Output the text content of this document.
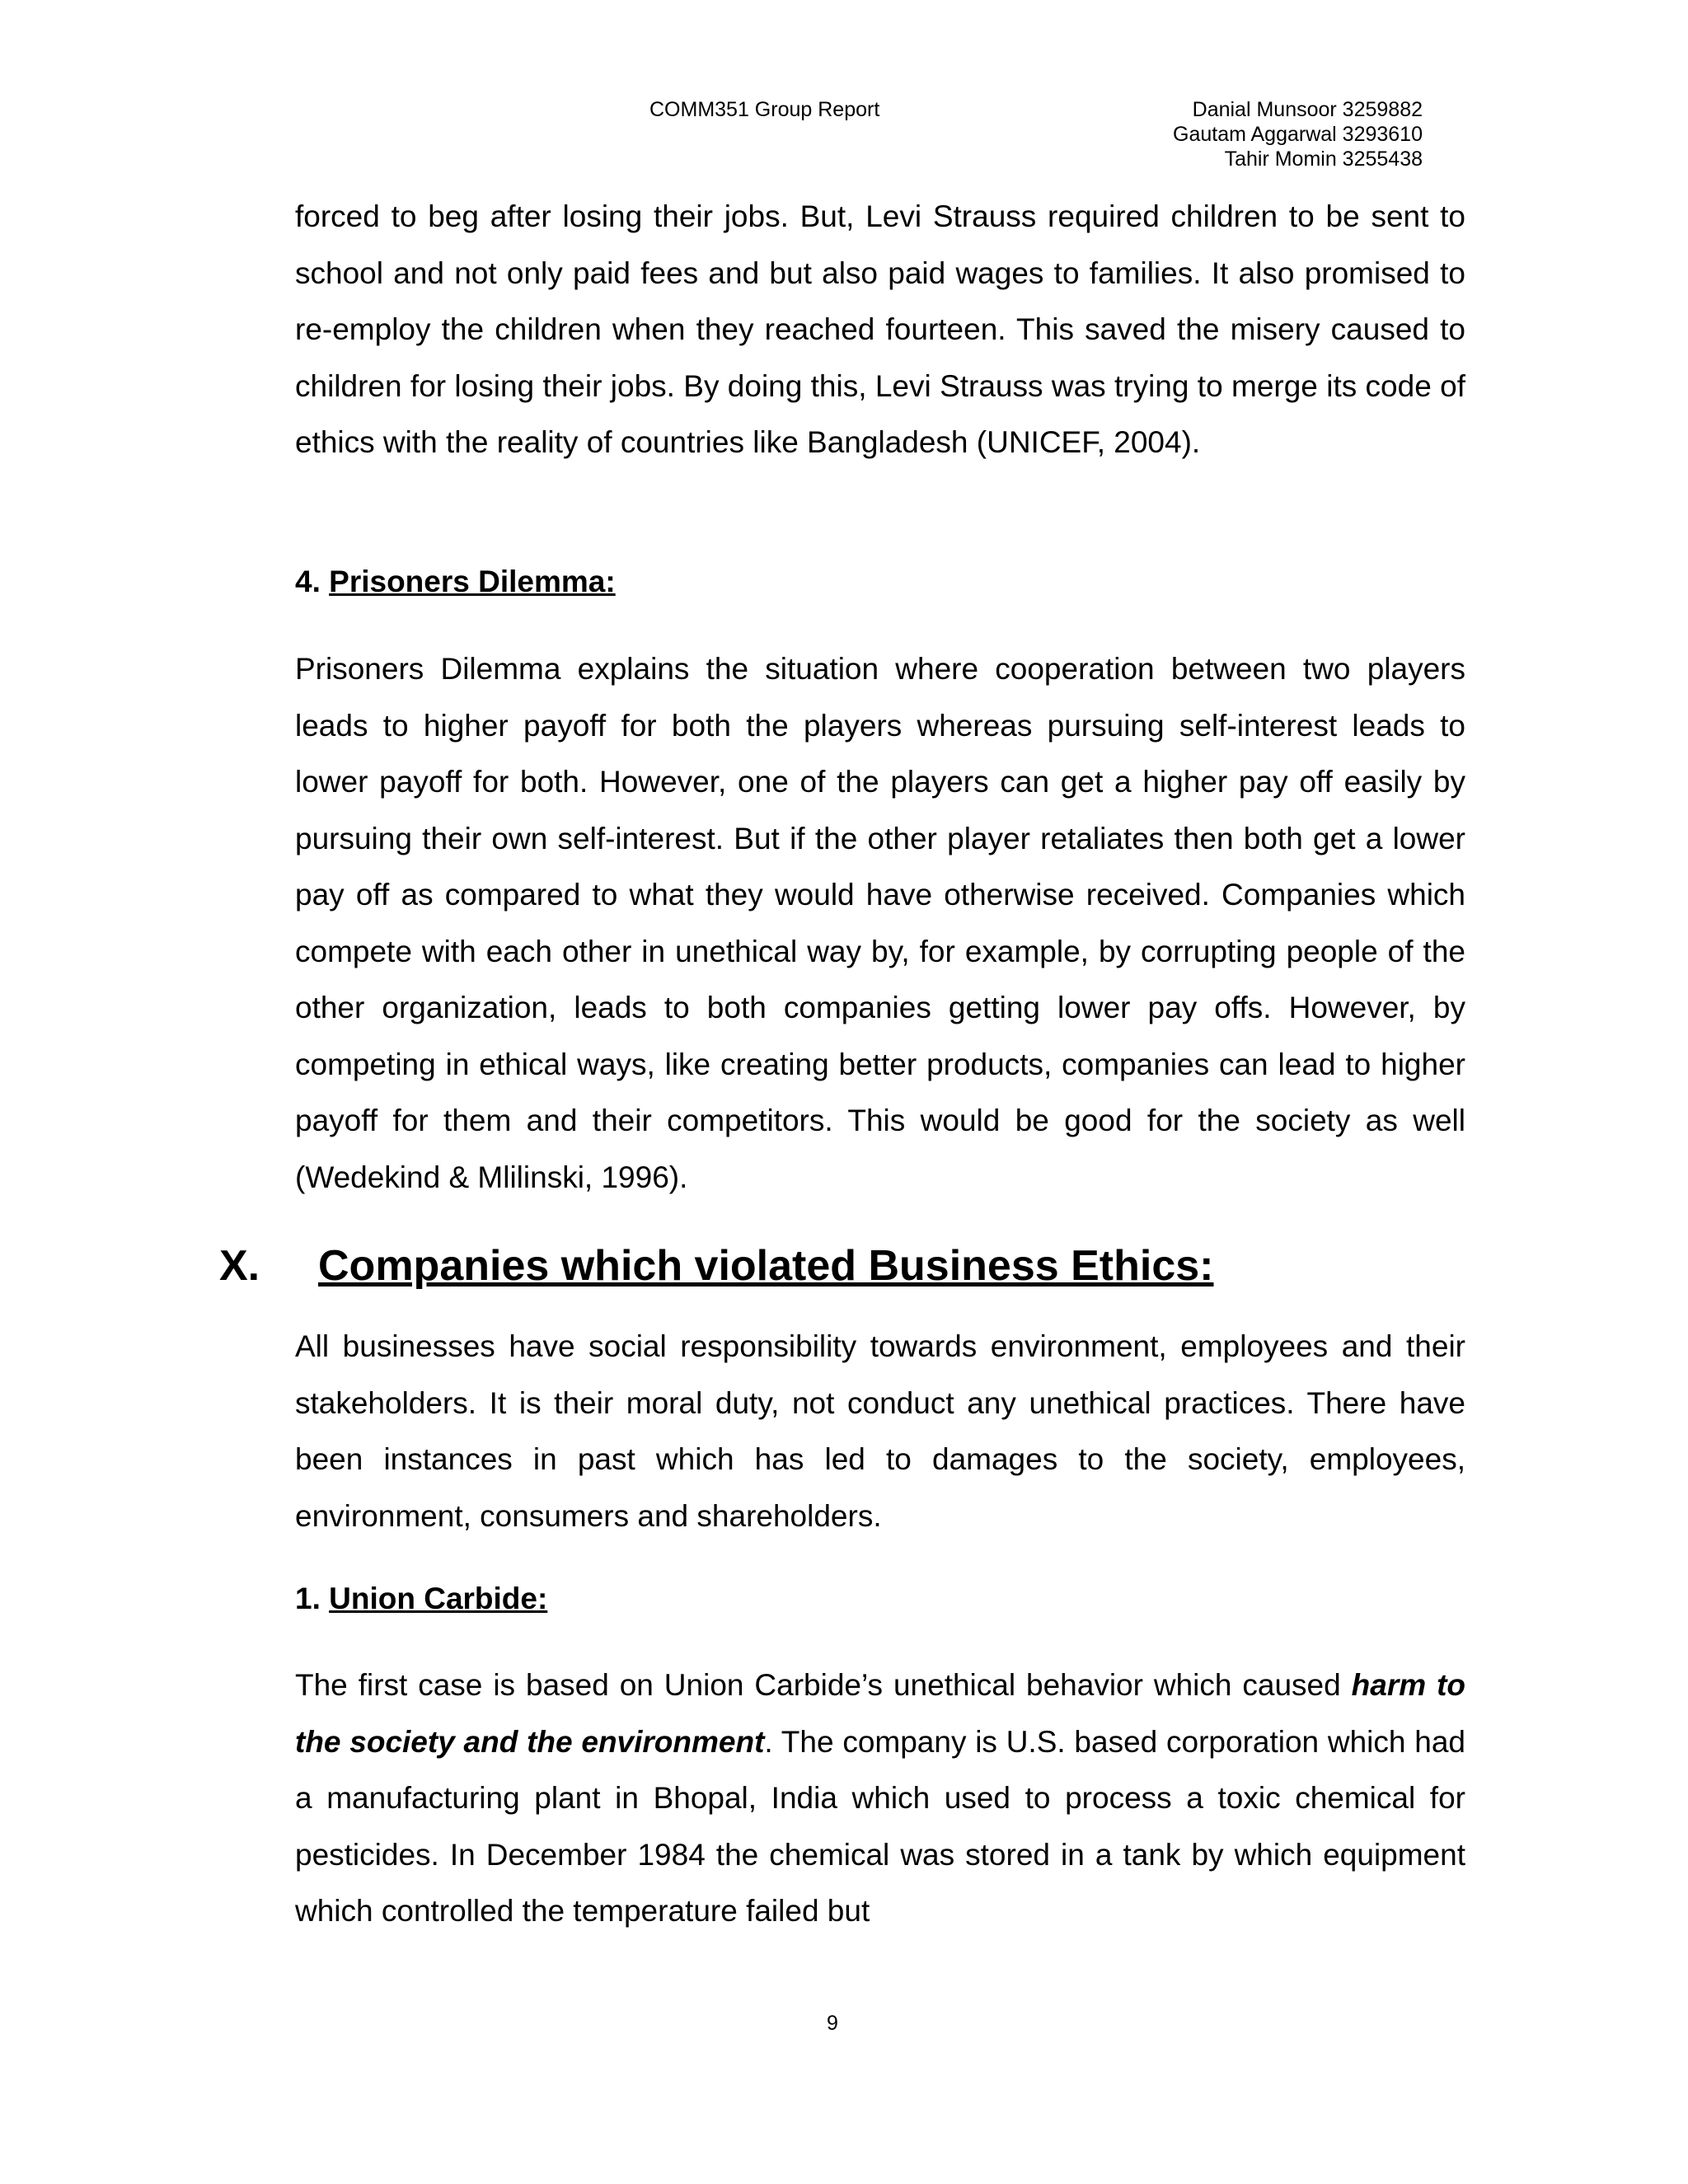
COMM351 Group Report	Danial Munsoor 3259882
Gautam Aggarwal 3293610
Tahir Momin 3255438

forced to beg after losing their jobs. But, Levi Strauss required children to be sent to school and not only paid fees and but also paid wages to families. It also promised to re-employ the children when they reached fourteen. This saved the misery caused to children for losing their jobs. By doing this, Levi Strauss was trying to merge its code of ethics with the reality of countries like Bangladesh (UNICEF, 2004).

4. Prisoners Dilemma:

Prisoners Dilemma explains the situation where cooperation between two players leads to higher payoff for both the players whereas pursuing self-interest leads to lower payoff for both. However, one of the players can get a higher pay off easily by pursuing their own self-interest. But if the other player retaliates then both get a lower pay off as compared to what they would have otherwise received. Companies which compete with each other in unethical way by, for example, by corrupting people of the other organization, leads to both companies getting lower pay offs. However, by competing in ethical ways, like creating better products, companies can lead to higher payoff for them and their competitors. This would be good for the society as well (Wedekind & Mlilinski, 1996).

X. Companies which violated Business Ethics:

All businesses have social responsibility towards environment, employees and their stakeholders. It is their moral duty, not conduct any unethical practices. There have been instances in past which has led to damages to the society, employees, environment, consumers and shareholders.

1. Union Carbide:

The first case is based on Union Carbide’s unethical behavior which caused harm to the society and the environment. The company is U.S. based corporation which had a manufacturing plant in Bhopal, India which used to process a toxic chemical for pesticides. In December 1984 the chemical was stored in a tank by which equipment which controlled the temperature failed but

9
